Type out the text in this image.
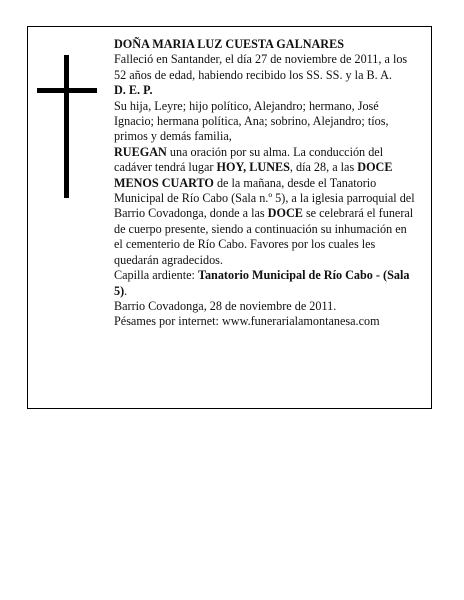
DOÑA MARIA LUZ CUESTA GALNARES

Falleció en Santander, el día 27 de noviembre de 2011, a los 52 años de edad, habiendo recibido los SS. SS. y la B. A.

D. E. P.

Su hija, Leyre; hijo político, Alejandro; hermano, José Ignacio; hermana política, Ana; sobrino, Alejandro; tíos, primos y demás familia,

RUEGAN una oración por su alma. La conducción del cadáver tendrá lugar HOY, LUNES, día 28, a las DOCE MENOS CUARTO de la mañana, desde el Tanatorio Municipal de Río Cabo (Sala n.º 5), a la iglesia parroquial del Barrio Covadonga, donde a las DOCE se celebrará el funeral de cuerpo presente, siendo a continuación su inhumación en el cementerio de Río Cabo. Favores por los cuales les quedarán agradecidos.

Capilla ardiente: Tanatorio Municipal de Río Cabo - (Sala 5).

Barrio Covadonga, 28 de noviembre de 2011.

Pésames por internet: www.funerarialamontanesa.com
